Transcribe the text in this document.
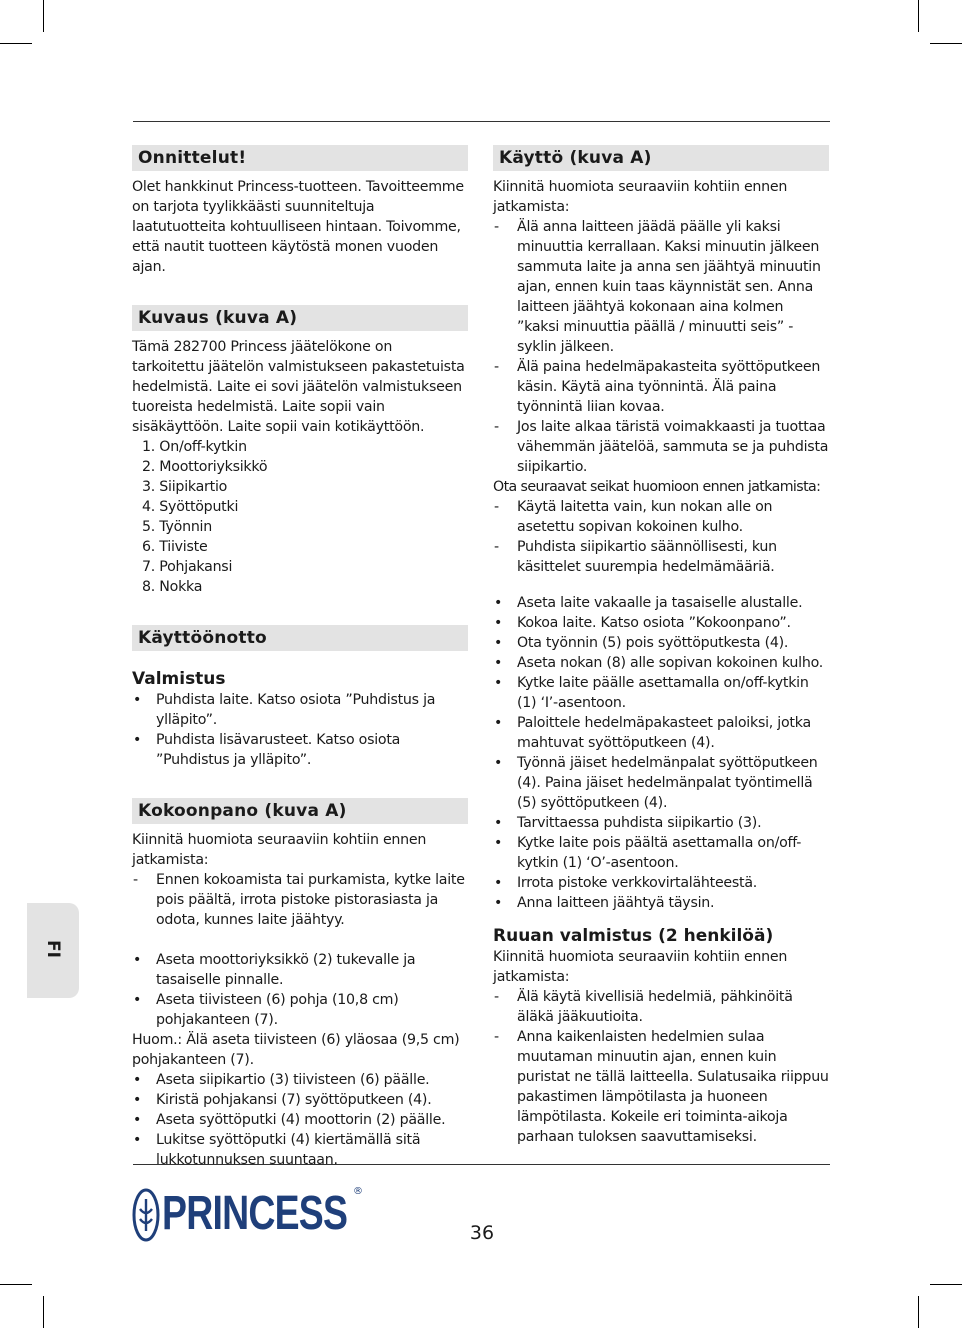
Onnittelut!

Olet hankkinut Princess-tuotteen. Tavoitteemme on tarjota tyylikkäästi suunniteltuja laatutuotteita kohtuulliseen hintaan. Toivomme, että nautit tuotteen käytöstä monen vuoden ajan.

Kuvaus (kuva A)

Tämä 282700 Princess jäätelökone on tarkoitettu jäätelön valmistukseen pakastetuista hedelmistä. Laite ei sovi jäätelön valmistukseen tuoreista hedelmistä. Laite sopii vain sisäkäyttöön. Laite sopii vain kotikäyttöön.

1. On/off-kytkin
2. Moottoriyksikkö
3. Siipikartio
4. Syöttöputki
5. Työnnin
6. Tiiviste
7. Pohjakansi
8. Nokka
Käyttöönotto
Valmistus
• Puhdista laite. Katso osiota ”Puhdistus ja ylläpito”.
• Puhdista lisävarusteet. Katso osiota ”Puhdistus ja ylläpito”.
Kokoonpano (kuva A)

Kiinnitä huomiota seuraaviin kohtiin ennen jatkamista:

- Ennen kokoamista tai purkamista, kytke laite pois päältä, irrota pistoke pistorasiasta ja odota, kunnes laite jäähtyy.
• Aseta moottoriyksikkö (2) tukevalle ja tasaiselle pinnalle.
• Aseta tiivisteen (6) pohja (10,8 cm) pohjakanteen (7).

Huom.: Älä aseta tiivisteen (6) yläosaa (9,5 cm) pohjakanteen (7).

• Aseta siipikartio (3) tiivisteen (6) päälle.
• Kiristä pohjakansi (7) syöttöputkeen (4).
• Aseta syöttöputki (4) moottorin (2) päälle.
• Lukitse syöttöputki (4) kiertämällä sitä lukkotunnuksen suuntaan.
Käyttö (kuva A)

Kiinnitä huomiota seuraaviin kohtiin ennen jatkamista:

- Älä anna laitteen jäädä päälle yli kaksi minuuttia kerrallaan. Kaksi minuutin jälkeen sammuta laite ja anna sen jäähtyä minuutin ajan, ennen kuin taas käynnistät sen. Anna laitteen jäähtyä kokonaan aina kolmen ”kaksi minuuttia päällä / minuutti seis” -syklin jälkeen.
- Älä paina hedelmäpakasteita syöttöputkeen käsin. Käytä aina työnnintä. Älä paina työnnintä liian kovaa.
- Jos laite alkaa täristä voimakkaasti ja tuottaa vähemmän jäätelöä, sammuta se ja puhdista siipikartio.

Ota seuraavat seikat huomioon ennen jatkamista:

- Käytä laitetta vain, kun nokan alle on asetettu sopivan kokoinen kulho.
- Puhdista siipikartio säännöllisesti, kun käsittelet suurempia hedelmämääriä.
• Aseta laite vakaalle ja tasaiselle alustalle.
• Kokoa laite. Katso osiota ”Kokoonpano”.
• Ota työnnin (5) pois syöttöputkesta (4).
• Aseta nokan (8) alle sopivan kokoinen kulho.
• Kytke laite päälle asettamalla on/off-kytkin (1) ‘I’-asentoon.
• Paloittele hedelmäpakasteet paloiksi, jotka mahtuvat syöttöputkeen (4).
• Työnnä jäiset hedelmänpalat syöttöputkeen (4). Paina jäiset hedelmänpalat työntimellä (5) syöttöputkeen (4).
• Tarvittaessa puhdista siipikartio (3).
• Kytke laite pois päältä asettamalla on/off-kytkin (1) ‘O’-asentoon.
• Irrota pistoke verkkovirtalähteestä.
• Anna laitteen jäähtyä täysin.
Ruuan valmistus (2 henkilöä)

Kiinnitä huomiota seuraaviin kohtiin ennen jatkamista:

- Älä käytä kivellisiä hedelmiä, pähkinöitä äläkä jääkuutioita.
- Anna kaikenlaisten hedelmien sulaa muutaman minuutin ajan, ennen kuin puristat ne tällä laitteella. Sulatusaika riippuu pakastimen lämpötilasta ja huoneen lämpötilasta. Kokeile eri toiminta-aikoja parhaan tuloksen saavuttamiseksi.
FI
PRINCESS ®
36
